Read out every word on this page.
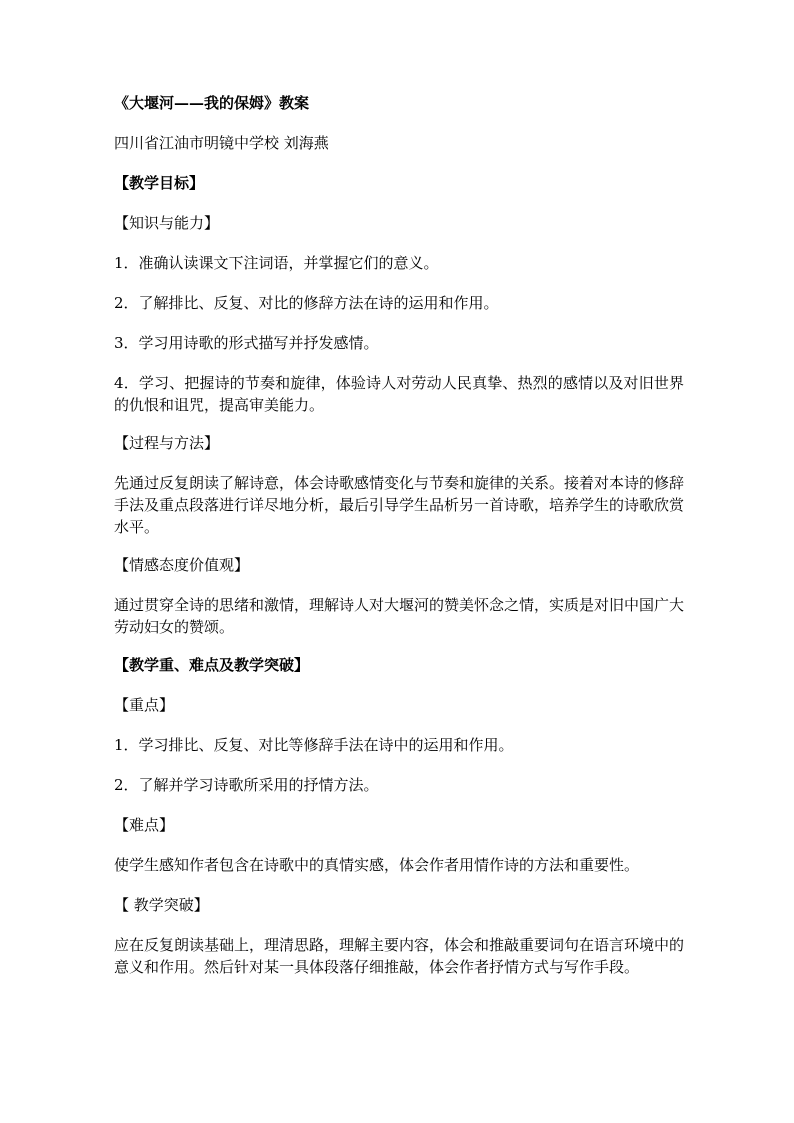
《大堰河——我的保姆》教案
四川省江油市明镜中学校 刘海燕
【教学目标】
【知识与能力】
1．准确认读课文下注词语，并掌握它们的意义。
2．了解排比、反复、对比的修辞方法在诗的运用和作用。
3．学习用诗歌的形式描写并抒发感情。
4．学习、把握诗的节奏和旋律，体验诗人对劳动人民真挚、热烈的感情以及对旧世界的仇恨和诅咒，提高审美能力。
【过程与方法】
先通过反复朗读了解诗意，体会诗歌感情变化与节奏和旋律的关系。接着对本诗的修辞手法及重点段落进行详尽地分析，最后引导学生品析另一首诗歌，培养学生的诗歌欣赏水平。
【情感态度价值观】
通过贯穿全诗的思绪和激情，理解诗人对大堰河的赞美怀念之情，实质是对旧中国广大劳动妇女的赞颂。
【教学重、难点及教学突破】
【重点】
1．学习排比、反复、对比等修辞手法在诗中的运用和作用。
2．了解并学习诗歌所采用的抒情方法。
【难点】
使学生感知作者包含在诗歌中的真情实感，体会作者用情作诗的方法和重要性。
【 教学突破】
应在反复朗读基础上，理清思路，理解主要内容，体会和推敲重要词句在语言环境中的意义和作用。然后针对某一具体段落仔细推敲，体会作者抒情方式与写作手段。
